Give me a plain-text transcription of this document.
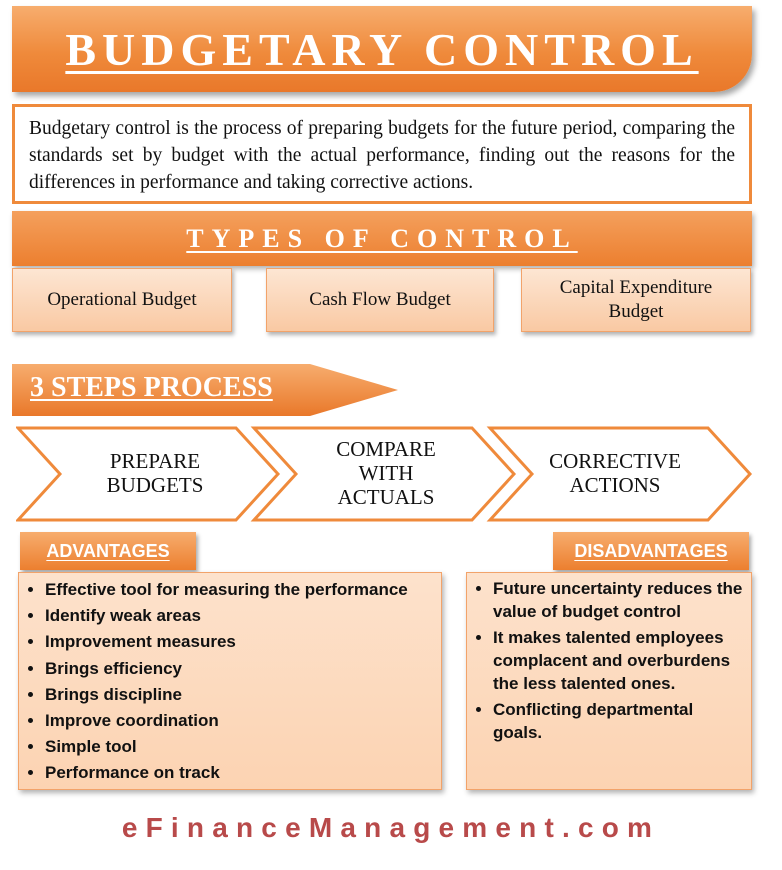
BUDGETARY CONTROL
Budgetary control is the process of preparing budgets for the future period, comparing the standards set by budget with the actual performance, finding out the reasons for the differences in performance and taking corrective actions.
TYPES OF CONTROL
Operational Budget	Cash Flow Budget
Capital Expenditure Budget
3 STEPS PROCESS
PREPARE BUDGETS
COMPARE WITH ACTUALS
CORRECTIVE ACTIONS
ADVANTAGES
• Effective tool for measuring the performance
• Identify weak areas
• Improvement measures
• Brings efficiency
• Brings discipline
• Improve coordination
• Simple tool
• Performance on track
DISADVANTAGES
• Future uncertainty reduces the value of budget control
• It makes talented employees complacent and overburdens the less talented ones.
• Conflicting departmental goals.
eFinanceManagement.com
